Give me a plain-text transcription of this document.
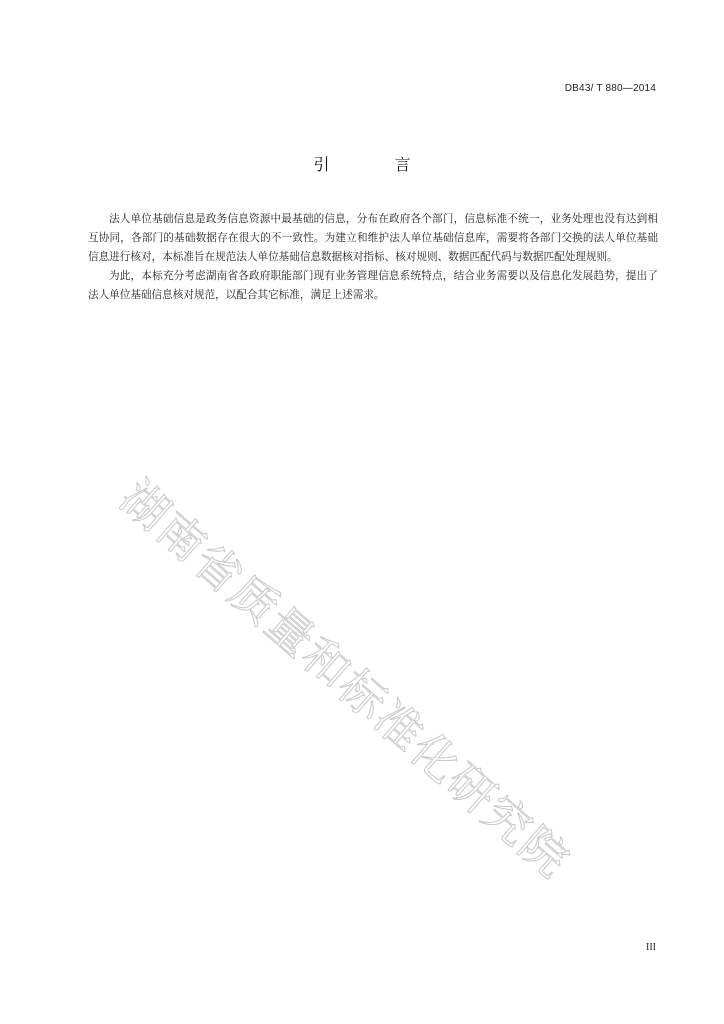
DB43/ T 880—2014
引 言

法人单位基础信息是政务信息资源中最基础的信息，分布在政府各个部门，信息标准不统一，业务处理也没有达到相互协同，各部门的基础数据存在很大的不一致性。为建立和维护法人单位基础信息库，需要将各部门交换的法人单位基础信息进行核对，本标准旨在规范法人单位基础信息数据核对指标、核对规则、数据匹配代码与数据匹配处理规则。

为此，本标充分考虑湖南省各政府职能部门现有业务管理信息系统特点，结合业务需要以及信息化发展趋势，提出了法人单位基础信息核对规范，以配合其它标准，满足上述需求。

湖南省质量和标准化研究院
III
